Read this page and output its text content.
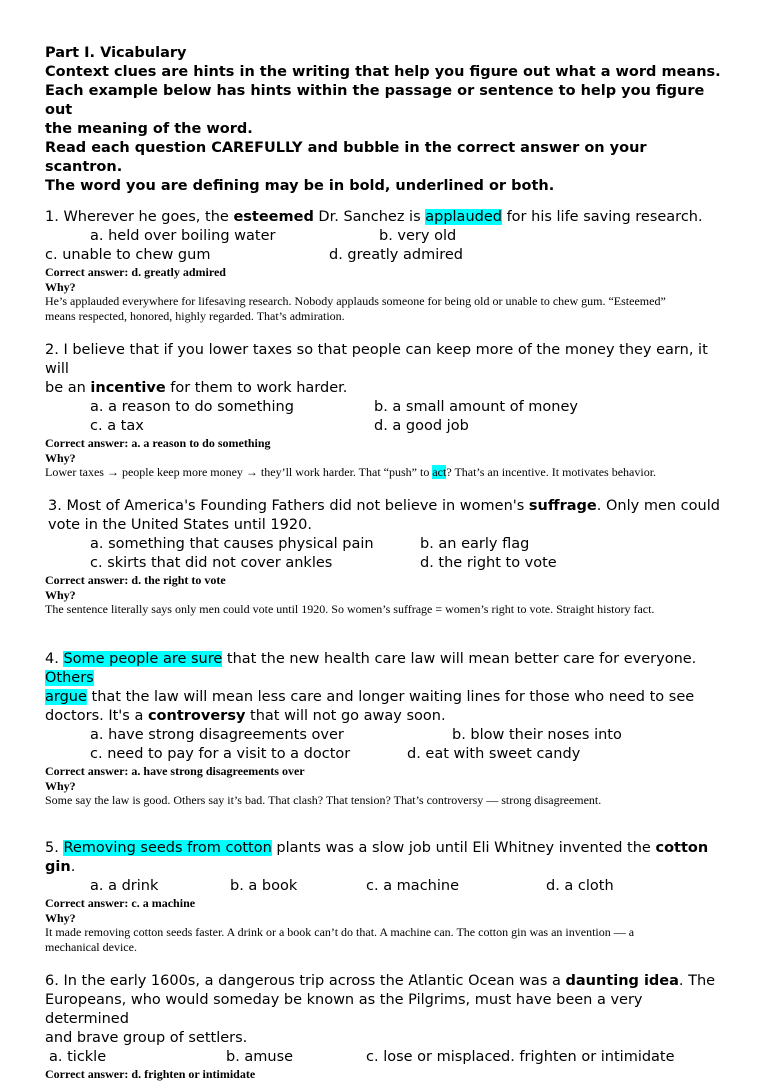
Part I. Vicabulary

Context clues are hints in the writing that help you figure out what a word means.

Each example below has hints within the passage or sentence to help you figure out

the meaning of the word.

Read each question CAREFULLY and bubble in the correct answer on your scantron.

The word you are defining may be in bold, underlined or both.

1. Wherever he goes, the esteemed Dr. Sanchez is applauded for his life saving research.

a. held over boiling water	b. very old
c. unable to chew gum	d. greatly admired
Correct answer: d. greatly admired
Why?

He’s applauded everywhere for lifesaving research. Nobody applauds someone for being old or unable to chew gum. “Esteemed”

means respected, honored, highly regarded. That’s admiration.

2. I believe that if you lower taxes so that people can keep more of the money they earn, it will

be an incentive for them to work harder.

a. a reason to do something	b. a small amount of money
c. a tax	d. a good job
Correct answer: a. a reason to do something
Why?

Lower taxes → people keep more money → they’ll work harder. That “push” to act? That’s an incentive. It motivates behavior.

3. Most of America's Founding Fathers did not believe in women's suffrage. Only men could

vote in the United States until 1920.

a. something that causes physical pain	b. an early flag
c. skirts that did not cover ankles	d. the right to vote
Correct answer: d. the right to vote
Why?

The sentence literally says only men could vote until 1920. So women’s suffrage = women’s right to vote. Straight history fact.

4. Some people are sure that the new health care law will mean better care for everyone. Others

argue that the law will mean less care and longer waiting lines for those who need to see

doctors. It's a controversy that will not go away soon.

a. have strong disagreements over	b. blow their noses into
c. need to pay for a visit to a doctor	d. eat with sweet candy
Correct answer: a. have strong disagreements over
Why?

Some say the law is good. Others say it’s bad. That clash? That tension? That’s controversy — strong disagreement.

5. Removing seeds from cotton plants was a slow job until Eli Whitney invented the cotton gin.

a. a drink	b. a book	c. a machine	d. a cloth
Correct answer: c. a machine
Why?

It made removing cotton seeds faster. A drink or a book can’t do that. A machine can. The cotton gin was an invention — a

mechanical device.

6. In the early 1600s, a dangerous trip across the Atlantic Ocean was a daunting idea. The

Europeans, who would someday be known as the Pilgrims, must have been a very determined

and brave group of settlers.

a. tickle	b. amuse	c. lose or misplace d. frighten or intimidate
Correct answer: d. frighten or intimidate
